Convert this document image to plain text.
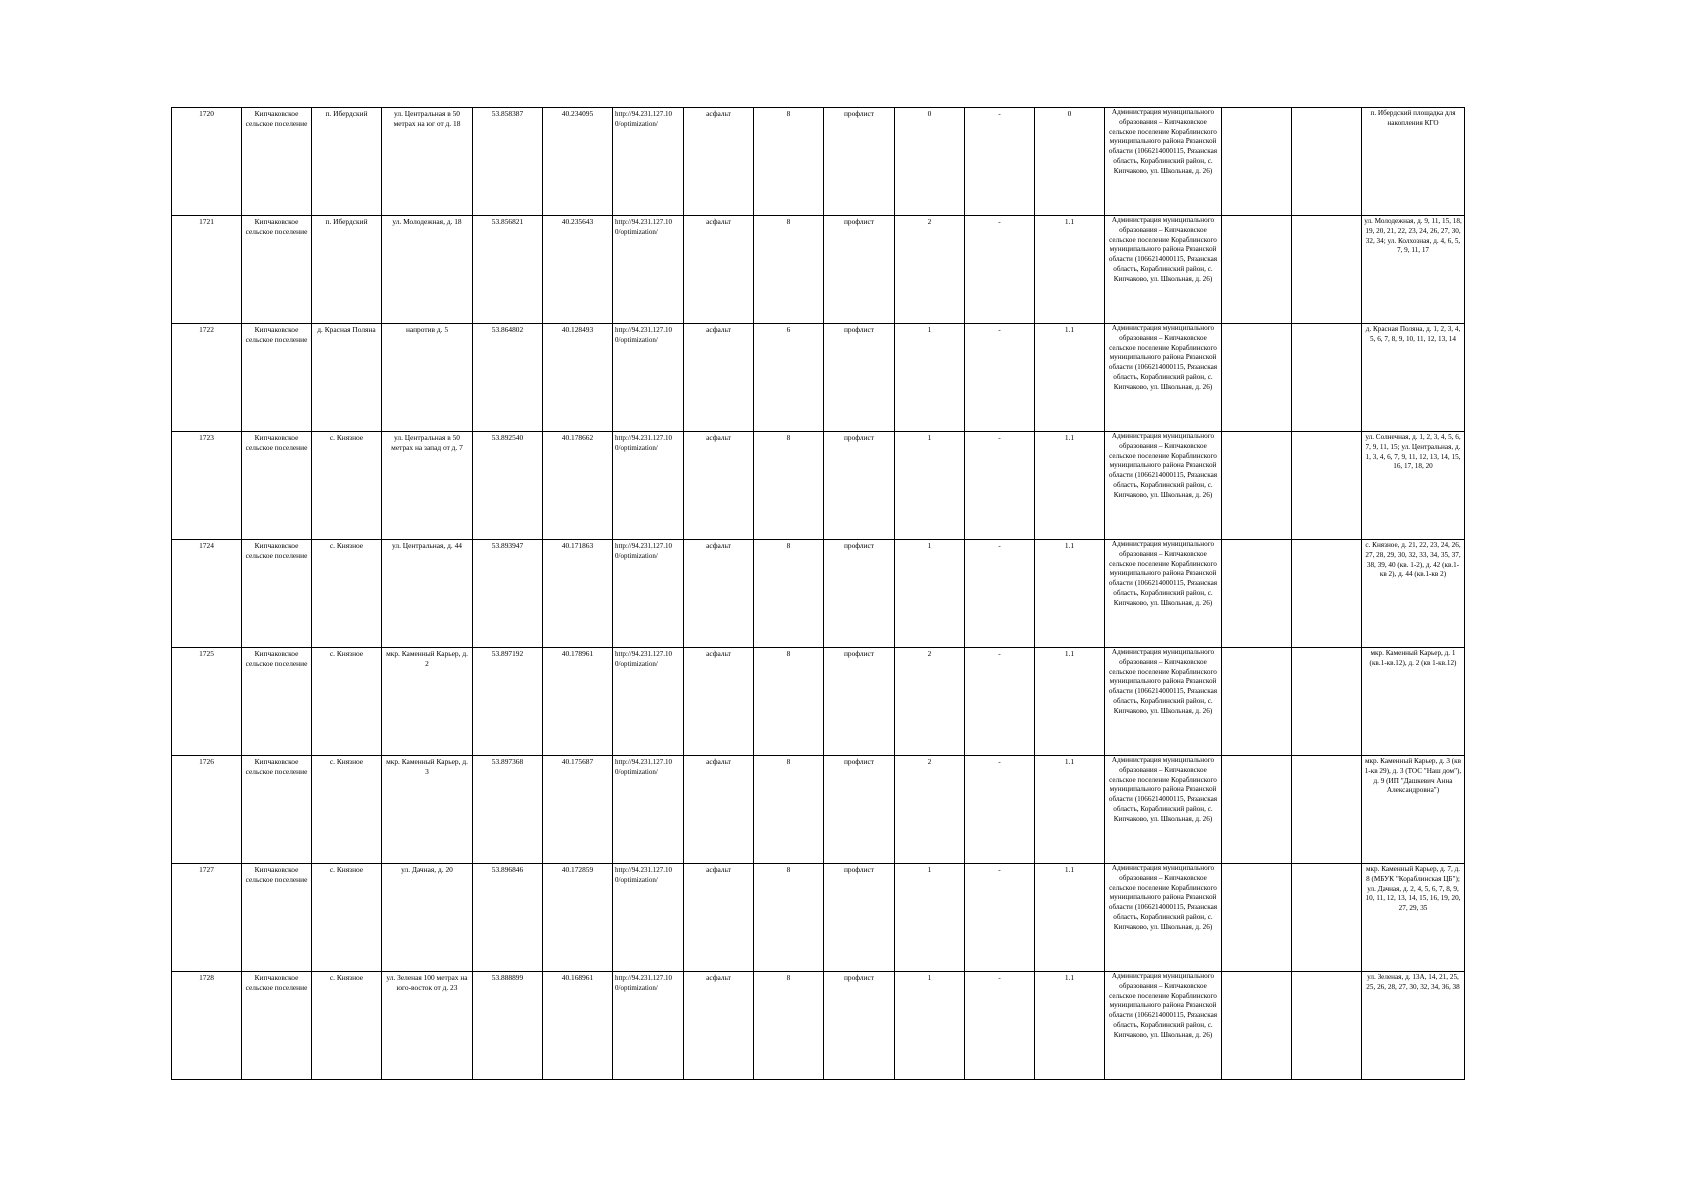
1720	Кипчаковское сельское поселение	п. Ибердский	ул. Центральная в 50 метрах на юг от д. 18	53.858387	40.234095	http://94.231.127.10 0/optimization/	асфальт	8	профлист	0	-	0	Администрация муниципального образования – Кипчаковское сельское поселение Кораблинского муниципального района Рязанской области (1066214000115, Рязанская область, Кораблинский район, с. Кипчаково, ул. Школьная, д. 26)			п. Ибердский площадка для накопления КГО
1721	Кипчаковское сельское поселение	п. Ибердский	ул. Молодежная, д. 18	53.856821	40.235643	http://94.231.127.10 0/optimization/	асфальт	8	профлист	2	-	1.1	Администрация муниципального образования – Кипчаковское сельское поселение Кораблинского муниципального района Рязанской области (1066214000115, Рязанская область, Кораблинский район, с. Кипчаково, ул. Школьная, д. 26)			ул. Молодежная, д. 9, 11, 15, 18, 19, 20, 21, 22, 23, 24, 26, 27, 30, 32, 34; ул. Колхозная, д. 4, 6, 5, 7, 9, 11, 17
1722	Кипчаковское сельское поселение	д. Красная Поляна	напротив д. 5	53.864802	40.128493	http://94.231.127.10 0/optimization/	асфальт	6	профлист	1	-	1.1	Администрация муниципального образования – Кипчаковское сельское поселение Кораблинского муниципального района Рязанской области (1066214000115, Рязанская область, Кораблинский район, с. Кипчаково, ул. Школьная, д. 26)			д. Красная Поляна, д. 1, 2, 3, 4, 5, 6, 7, 8, 9, 10, 11, 12, 13, 14
1723	Кипчаковское сельское поселение	с. Князное	ул. Центральная в 50 метрах на запад от д. 7	53.892540	40.178662	http://94.231.127.10 0/optimization/	асфальт	8	профлист	1	-	1.1	Администрация муниципального образования – Кипчаковское сельское поселение Кораблинского муниципального района Рязанской области (1066214000115, Рязанская область, Кораблинский район, с. Кипчаково, ул. Школьная, д. 26)			ул. Солнечная, д. 1, 2, 3, 4, 5, 6, 7, 9, 11, 15; ул. Центральная, д. 1, 3, 4, 6, 7, 9, 11, 12, 13, 14, 15, 16, 17, 18, 20
1724	Кипчаковское сельское поселение	с. Князное	ул. Центральная, д. 44	53.893947	40.171863	http://94.231.127.10 0/optimization/	асфальт	8	профлист	1	-	1.1	Администрация муниципального образования – Кипчаковское сельское поселение Кораблинского муниципального района Рязанской области (1066214000115, Рязанская область, Кораблинский район, с. Кипчаково, ул. Школьная, д. 26)			с. Князное, д. 21, 22, 23, 24, 26, 27, 28, 29, 30, 32, 33, 34, 35, 37, 38, 39, 40 (кв. 1-2), д. 42 (кв.1-кв 2), д. 44 (кв.1-кв 2)
1725	Кипчаковское сельское поселение	с. Князное	мкр. Каменный Карьер, д. 2	53.897192	40.178961	http://94.231.127.10 0/optimization/	асфальт	8	профлист	2	-	1.1	Администрация муниципального образования – Кипчаковское сельское поселение Кораблинского муниципального района Рязанской области (1066214000115, Рязанская область, Кораблинский район, с. Кипчаково, ул. Школьная, д. 26)			мкр. Каменный Карьер, д. 1 (кв.1-кв.12), д. 2 (кв 1-кв.12)
1726	Кипчаковское сельское поселение	с. Князное	мкр. Каменный Карьер, д. 3	53.897368	40.175687	http://94.231.127.10 0/optimization/	асфальт	8	профлист	2	-	1.1	Администрация муниципального образования – Кипчаковское сельское поселение Кораблинского муниципального района Рязанской области (1066214000115, Рязанская область, Кораблинский район, с. Кипчаково, ул. Школьная, д. 26)			мкр. Каменный Карьер, д. 3 (кв 1-кв 29), д. 3 (ТОС "Наш дом"), д. 9 (ИП "Дашкевич Анна Александровна")
1727	Кипчаковское сельское поселение	с. Князное	ул. Дачная, д. 20	53.896846	40.172859	http://94.231.127.10 0/optimization/	асфальт	8	профлист	1	-	1.1	Администрация муниципального образования – Кипчаковское сельское поселение Кораблинского муниципального района Рязанской области (1066214000115, Рязанская область, Кораблинский район, с. Кипчаково, ул. Школьная, д. 26)			мкр. Каменный Карьер, д. 7, д. 8 (МБУК "Кораблинская ЦБ"); ул. Дачная, д. 2, 4, 5, 6, 7, 8, 9, 10, 11, 12, 13, 14, 15, 16, 19, 20, 27, 29, 35
1728	Кипчаковское сельское поселение	с. Князное	ул. Зеленая 100 метрах на юго-восток от д. 23	53.888899	40.168961	http://94.231.127.10 0/optimization/	асфальт	8	профлист	1	-	1.1	Администрация муниципального образования – Кипчаковское сельское поселение Кораблинского муниципального района Рязанской области (1066214000115, Рязанская область, Кораблинский район, с. Кипчаково, ул. Школьная, д. 26)			ул. Зеленая, д. 13А, 14, 21, 25, 25, 26, 28, 27, 30, 32, 34, 36, 38
